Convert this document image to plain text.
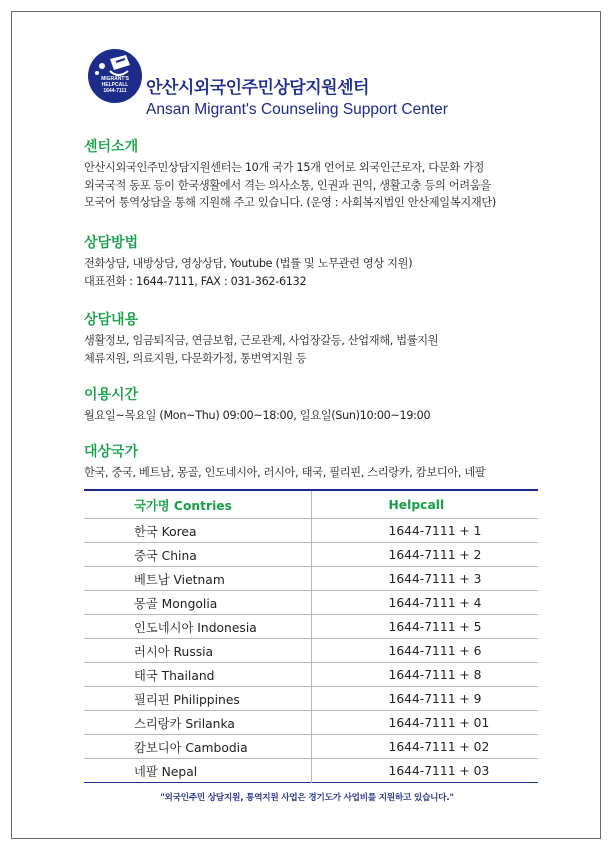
MIGRANT'S
HELPCALL
1644-7111	안산시외국인주민상담지원센터
Ansan Migrant's Counseling Support Center
센터소개

안산시외국인주민상담지원센터는 10개 국가 15개 언어로 외국인근로자, 다문화 가정

외국국적 동포 등이 한국생활에서 격는 의사소통, 인권과 권익, 생활고충 등의 어려움을

모국어 통역상담을 통해 지원해 주고 있습니다. (운영 : 사회복지법인 안산제일복지재단)

상담방법

전화상담, 내방상담, 영상상담, Youtube (법률 및 노무관련 영상 지원)

대표전화 : 1644-7111, FAX : 031-362-6132

상담내용

생활정보, 임금퇴직금, 연금보험, 근로관계, 사업장갈등, 산업재해, 법률지원

체류지원, 의료지원, 다문화가정, 통번역지원 등

이용시간

월요일~목요일 (Mon~Thu) 09:00~18:00, 일요일(Sun)10:00~19:00

대상국가

한국, 중국, 베트남, 몽골, 인도네시아, 러시아, 태국, 필리핀, 스리랑카, 캄보디아, 네팔

국가명 Contries	Helpcall
한국 Korea	1644-7111 + 1
중국 China	1644-7111 + 2
베트남 Vietnam	1644-7111 + 3
몽골 Mongolia	1644-7111 + 4
인도네시아 Indonesia	1644-7111 + 5
러시아 Russia	1644-7111 + 6
태국 Thailand	1644-7111 + 8
필리핀 Philippines	1644-7111 + 9
스리랑카 Srilanka	1644-7111 + 01
캄보디아 Cambodia	1644-7111 + 02
네팔 Nepal	1644-7111 + 03
"외국인주민 상담지원, 통역지원 사업은 경기도가 사업비를 지원하고 있습니다."
